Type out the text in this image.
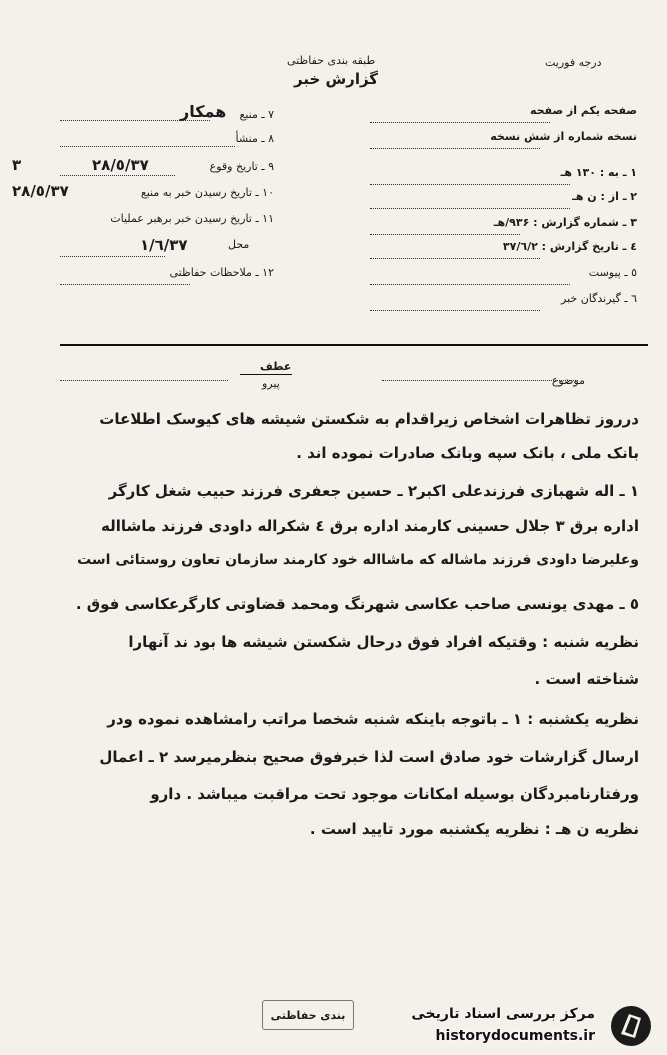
درجه فوریت
طبقه بندی حفاظتی
گزارش خبر
صفحه یکم از صفحه
نسخه شماره از شش نسخه
۱ ـ به : ۱۳۰ هـ
۲ ـ از : ن هـ
۳ ـ شماره گزارش : ۹۳۶/هـ
٤ ـ تاریخ گزارش : ۳۷/٦/۲
٥ ـ پیوست
٦ ـ گیرندگان خبر
۷ ـ منبع
همکار
۸ ـ منشأ
۹ ـ تاریخ وقوع
۳۷/٥/۲۸
۳
۱۰ ـ تاریخ رسیدن خبر به منبع
۳۷/٥/۲۸
۱۱ ـ تاریخ رسیدن خبر برهبر عملیات
محل
۳۷/٦/۱
۱۲ ـ ملاحظات حفاظتی
عطف
پیرو	موضوع
درروز تظاهرات اشخاص زیراقدام به شکستن شیشه های کیوسک اطلاعات
بانک ملی ، بانک سپه وبانک صادرات نموده اند .
۱ ـ اله شهبازی فرزندعلی اکبر۲ ـ حسین جعفری فرزند حبیب شغل کارگر
اداره برق ۳ جلال حسینی کارمند اداره برق ٤ شکراله داودی فرزند ماشااله
وعلیرضا داودی فرزند ماشاله که ماشااله خود کارمند سازمان تعاون روستائی است
٥ ـ مهدی یونسی صاحب عکاسی شهرنگ ومحمد قضاوتی کارگرعکاسی فوق .
نظریه شنبه : وقتیکه افراد فوق درحال شکستن شیشه ها بود ند آنهارا
شناخته است .
نظریه یکشنبه : ۱ ـ باتوجه باینکه شنبه شخصا مراتب رامشاهده نموده ودر
ارسال گزارشات خود صادق است لذا خبرفوق صحیح بنظرمیرسد ۲ ـ اعمال
ورفتارنامبردگان بوسیله امکانات موجود تحت مراقبت میباشد . دارو
نظریه ن هـ : نظریه یکشنبه مورد تایید است .
بندی حفاظتی	مرکز بررسی اسناد تاریخی
historydocuments.ir
